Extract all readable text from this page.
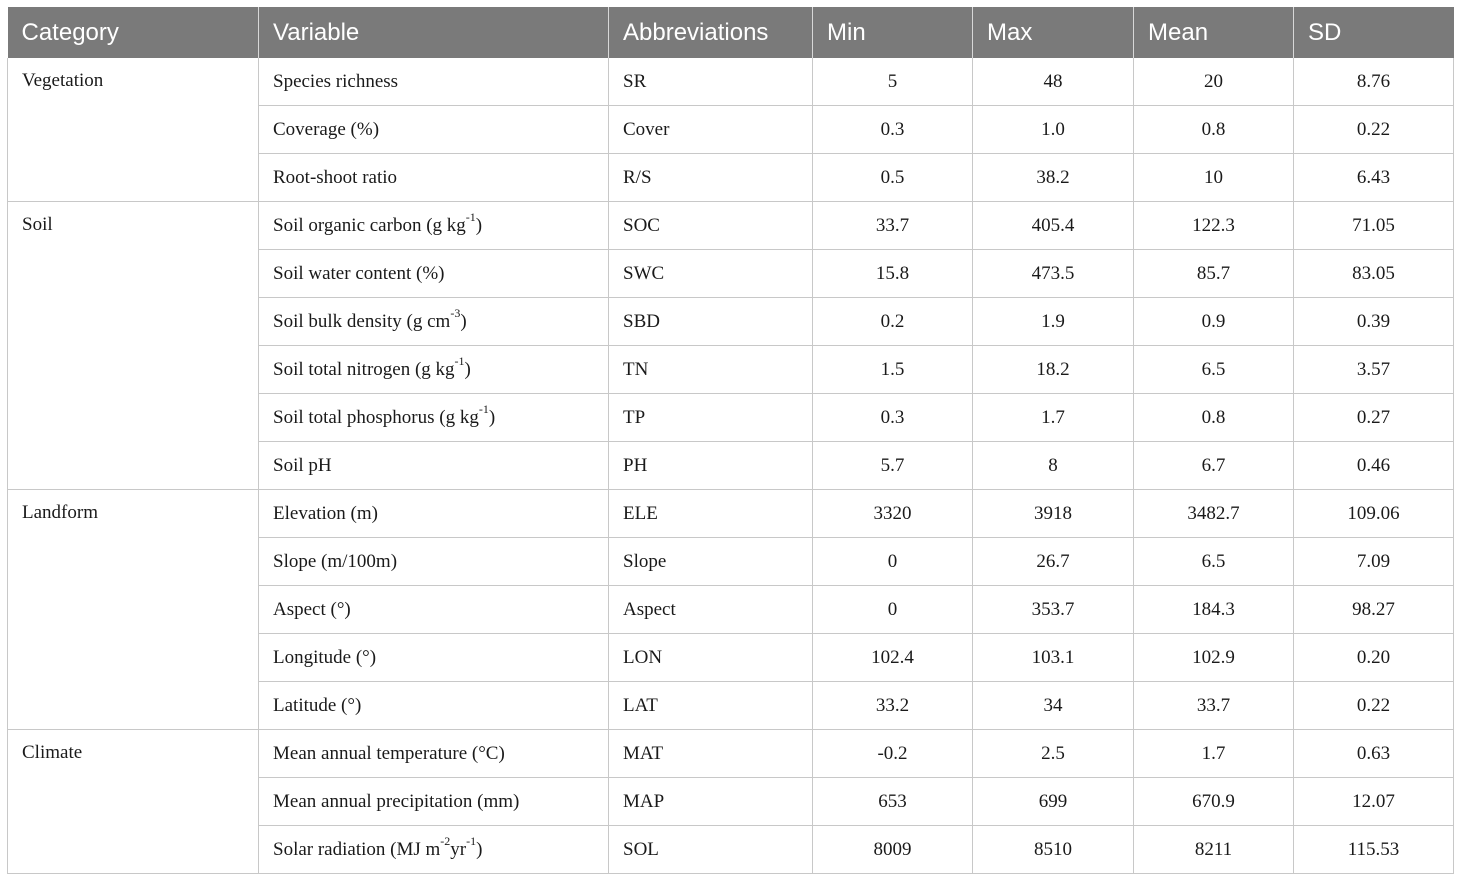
Category	Variable	Abbreviations	Min	Max	Mean	SD
Vegetation	Species richness	SR	5	48	20	8.76
	Coverage (%)	Cover	0.3	1.0	0.8	0.22
	Root-shoot ratio	R/S	0.5	38.2	10	6.43
Soil	Soil organic carbon (g $kg^{-1}$)	SOC	33.7	405.4	122.3	71.05
	Soil water content (%)	SWC	15.8	473.5	85.7	83.05
	Soil bulk density (g $cm^{-3}$)	SBD	0.2	1.9	0.9	0.39
	Soil total nitrogen (g $kg^{-1}$)	TN	1.5	18.2	6.5	3.57
	Soil total phosphorus (g $kg^{-1}$)	TP	0.3	1.7	0.8	0.27
	Soil pH	PH	5.7	8	6.7	0.46
Landform	Elevation (m)	ELE	3320	3918	3482.7	109.06
	Slope (m/100m)	Slope	0	26.7	6.5	7.09
	Aspect (°)	Aspect	0	353.7	184.3	98.27
	Longitude (°)	LON	102.4	103.1	102.9	0.20
	Latitude (°)	LAT	33.2	34	33.7	0.22
Climate	Mean annual temperature (°C)	MAT	-0.2	2.5	1.7	0.63
	Mean annual precipitation (mm)	MAP	653	699	670.9	12.07
	Solar radiation (MJ $m^{-2}yr^{-1}$)	SOL	8009	8510	8211	115.53
